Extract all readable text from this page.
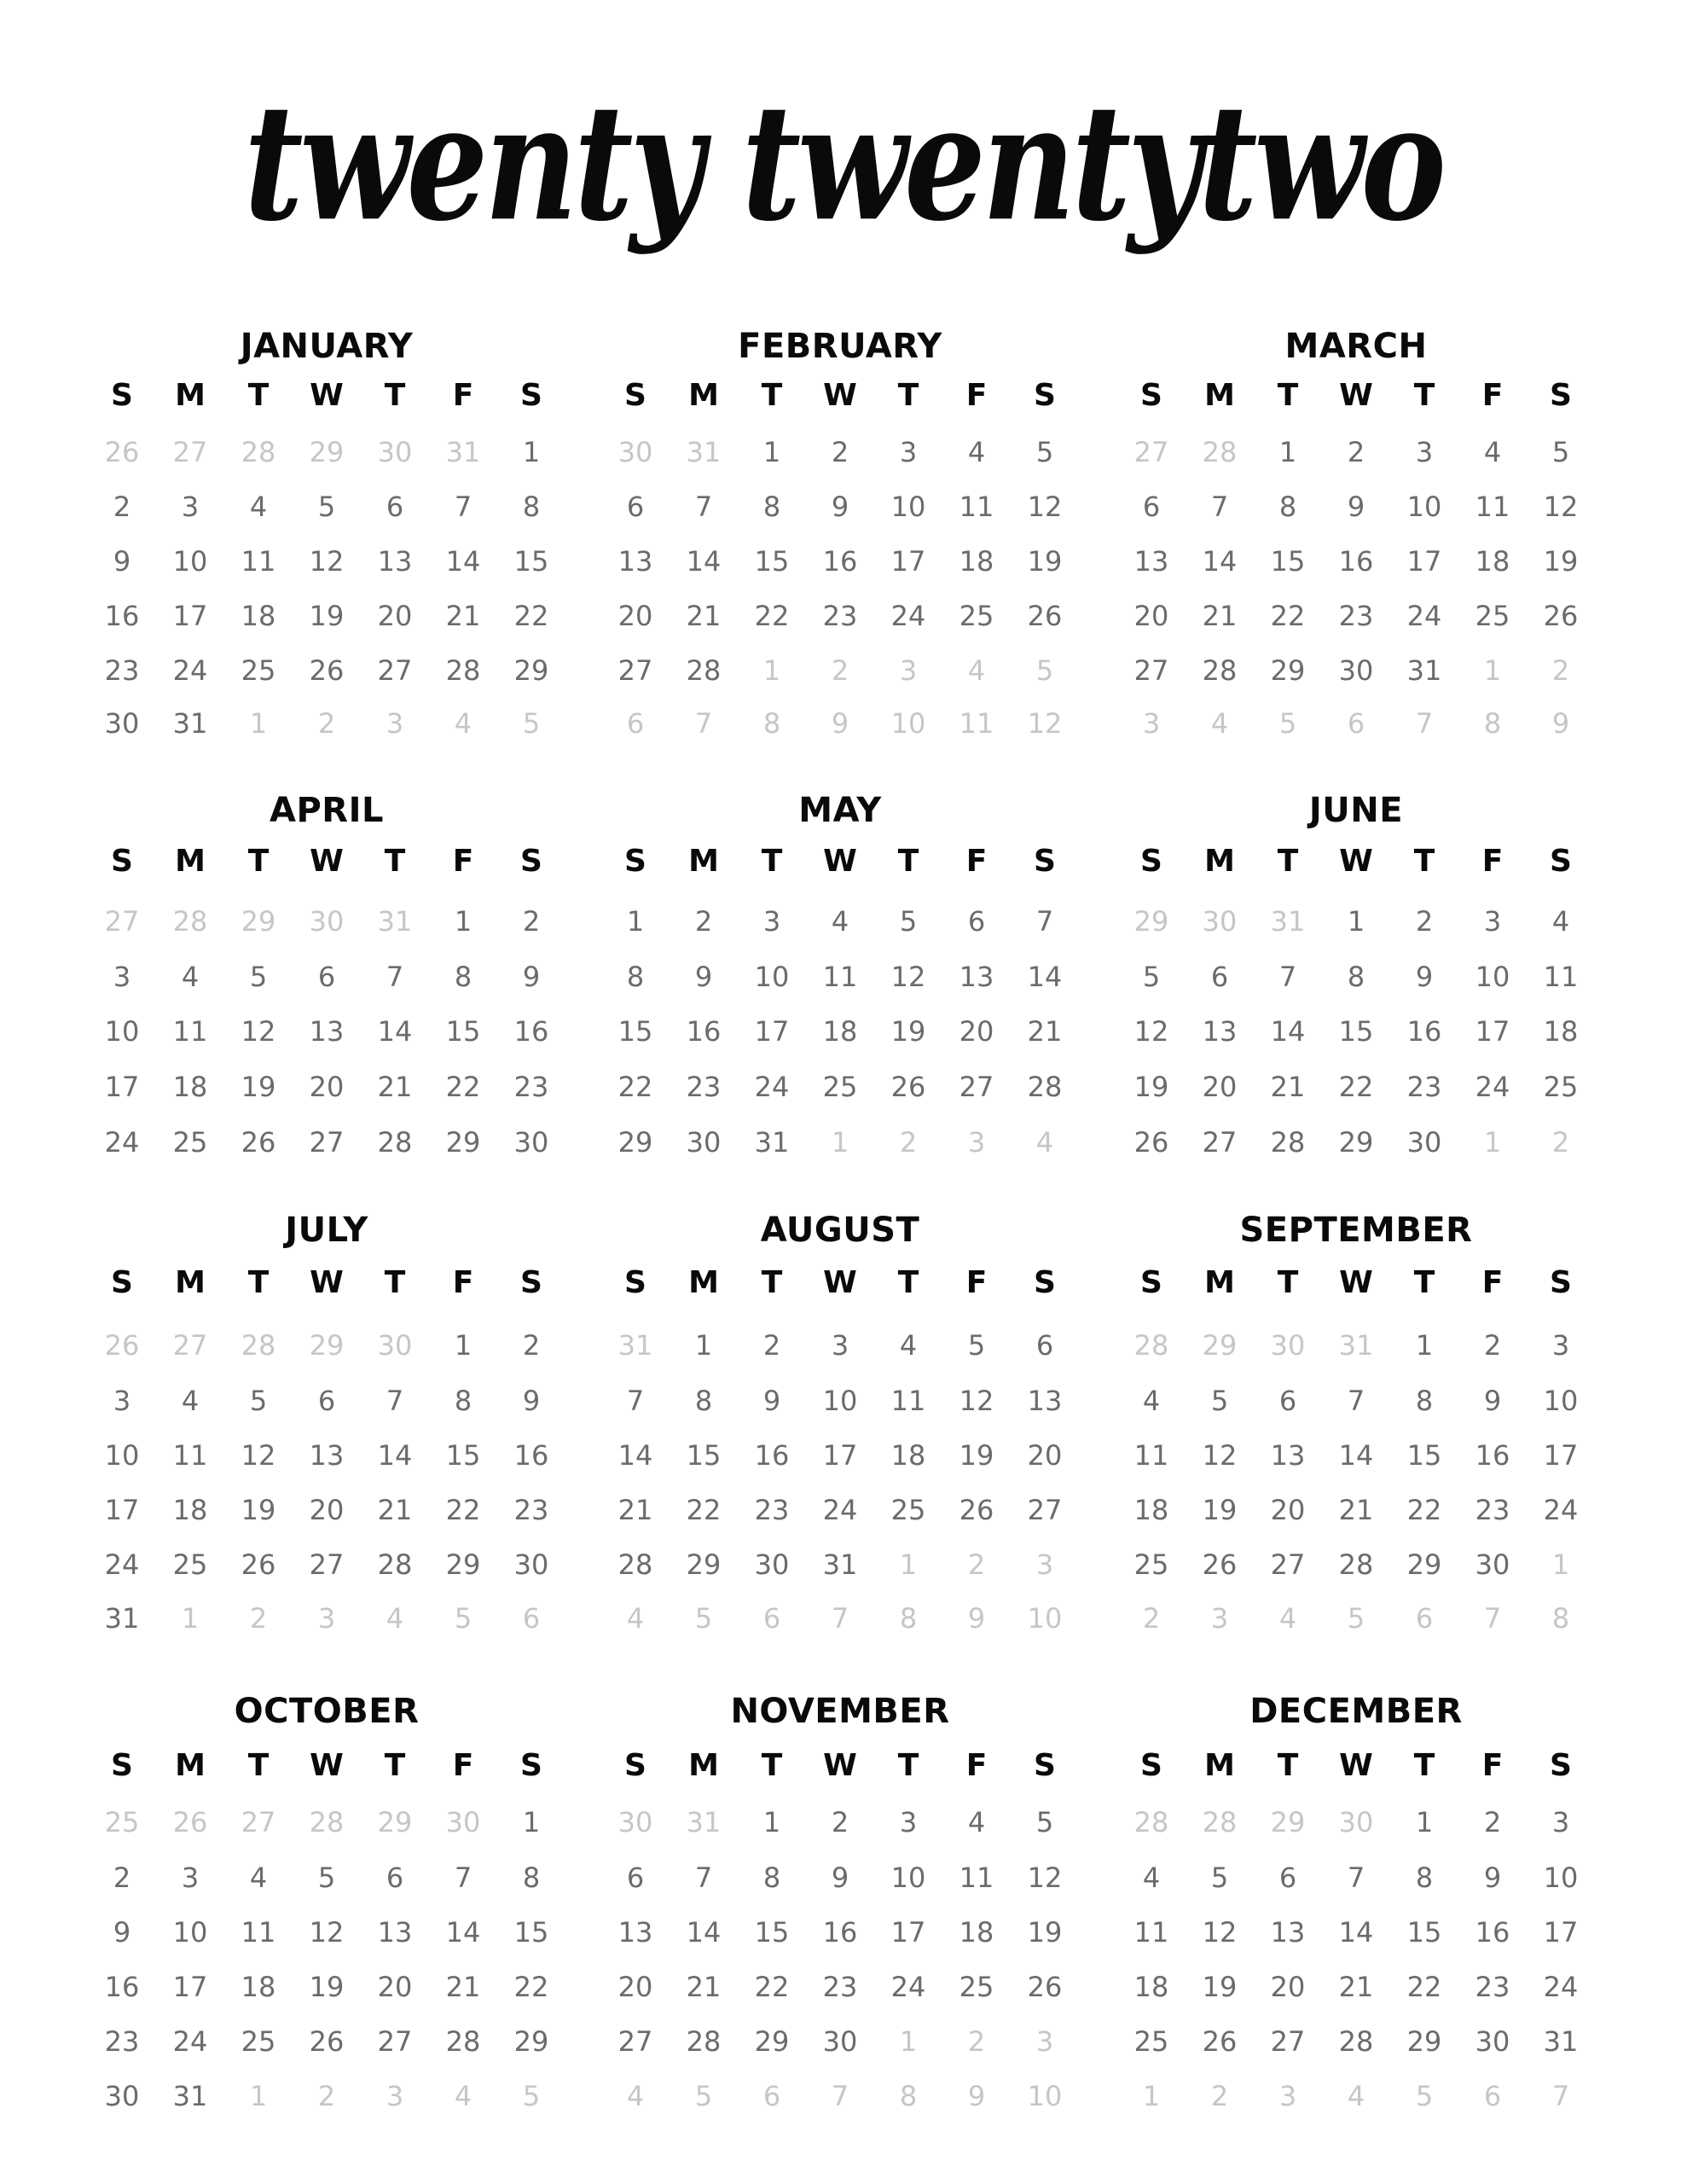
twenty twentytwo
JANUARY
S	M	T	W	T	F	S
26	27	28	29	30	31	1
2	3	4	5	6	7	8
9	10	11	12	13	14	15
16	17	18	19	20	21	22
23	24	25	26	27	28	29
30	31	1	2	3	4	5
FEBRUARY
S	M	T	W	T	F	S
30	31	1	2	3	4	5
6	7	8	9	10	11	12
13	14	15	16	17	18	19
20	21	22	23	24	25	26
27	28	1	2	3	4	5
6	7	8	9	10	11	12
MARCH
S	M	T	W	T	F	S
27	28	1	2	3	4	5
6	7	8	9	10	11	12
13	14	15	16	17	18	19
20	21	22	23	24	25	26
27	28	29	30	31	1	2
3	4	5	6	7	8	9
APRIL
S	M	T	W	T	F	S
27	28	29	30	31	1	2
3	4	5	6	7	8	9
10	11	12	13	14	15	16
17	18	19	20	21	22	23
24	25	26	27	28	29	30
MAY
S	M	T	W	T	F	S
1	2	3	4	5	6	7
8	9	10	11	12	13	14
15	16	17	18	19	20	21
22	23	24	25	26	27	28
29	30	31	1	2	3	4
JUNE
S	M	T	W	T	F	S
29	30	31	1	2	3	4
5	6	7	8	9	10	11
12	13	14	15	16	17	18
19	20	21	22	23	24	25
26	27	28	29	30	1	2
JULY
S	M	T	W	T	F	S
26	27	28	29	30	1	2
3	4	5	6	7	8	9
10	11	12	13	14	15	16
17	18	19	20	21	22	23
24	25	26	27	28	29	30
31	1	2	3	4	5	6
AUGUST
S	M	T	W	T	F	S
31	1	2	3	4	5	6
7	8	9	10	11	12	13
14	15	16	17	18	19	20
21	22	23	24	25	26	27
28	29	30	31	1	2	3
4	5	6	7	8	9	10
SEPTEMBER
S	M	T	W	T	F	S
28	29	30	31	1	2	3
4	5	6	7	8	9	10
11	12	13	14	15	16	17
18	19	20	21	22	23	24
25	26	27	28	29	30	1
2	3	4	5	6	7	8
OCTOBER
S	M	T	W	T	F	S
25	26	27	28	29	30	1
2	3	4	5	6	7	8
9	10	11	12	13	14	15
16	17	18	19	20	21	22
23	24	25	26	27	28	29
30	31	1	2	3	4	5
NOVEMBER
S	M	T	W	T	F	S
30	31	1	2	3	4	5
6	7	8	9	10	11	12
13	14	15	16	17	18	19
20	21	22	23	24	25	26
27	28	29	30	1	2	3
4	5	6	7	8	9	10
DECEMBER
S	M	T	W	T	F	S
28	28	29	30	1	2	3
4	5	6	7	8	9	10
11	12	13	14	15	16	17
18	19	20	21	22	23	24
25	26	27	28	29	30	31
1	2	3	4	5	6	7
